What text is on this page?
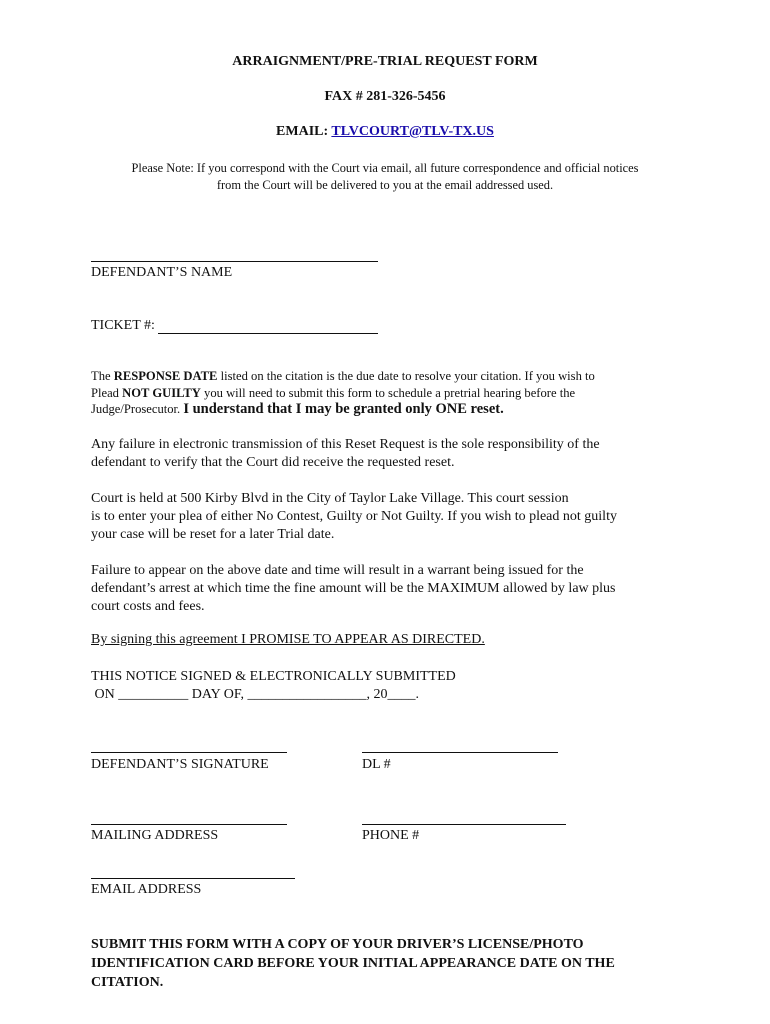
ARRAIGNMENT/PRE-TRIAL REQUEST FORM

FAX # 281-326-5456

EMAIL: TLVCOURT@TLV-TX.US

Please Note: If you correspond with the Court via email, all future correspondence and official notices
from the Court will be delivered to you at the email addressed used.

DEFENDANT’S NAME

TICKET #:

The RESPONSE DATE listed on the citation is the due date to resolve your citation. If you wish to
Plead NOT GUILTY you will need to submit this form to schedule a pretrial hearing before the
Judge/Prosecutor. I understand that I may be granted only ONE reset.
Any failure in electronic transmission of this Reset Request is the sole responsibility of the
defendant to verify that the Court did receive the requested reset.
Court is held at 500 Kirby Blvd in the City of Taylor Lake Village. This court session
is to enter your plea of either No Contest, Guilty or Not Guilty. If you wish to plead not guilty
your case will be reset for a later Trial date.
Failure to appear on the above date and time will result in a warrant being issued for the
defendant’s arrest at which time the fine amount will be the MAXIMUM allowed by law plus
court costs and fees.

By signing this agreement I PROMISE TO APPEAR AS DIRECTED.

THIS NOTICE SIGNED & ELECTRONICALLY SUBMITTED
ON __________ DAY OF, _________________, 20____.

DEFENDANT’S SIGNATURE	DL #

MAILING ADDRESS	PHONE #

EMAIL ADDRESS

SUBMIT THIS FORM WITH A COPY OF YOUR DRIVER’S LICENSE/PHOTO
IDENTIFICATION CARD BEFORE YOUR INITIAL APPEARANCE DATE ON THE
CITATION.
